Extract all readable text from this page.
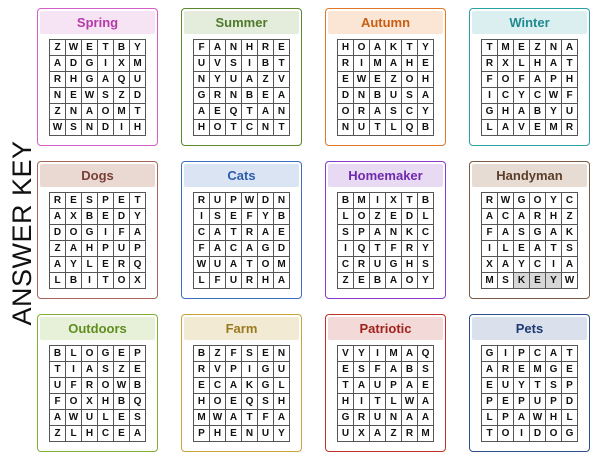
ANSWER KEY
Spring
Z W E T B Y
A D G	I	X M
R H G A Q U
N E W S Z D
Z N A O M T
W S N D	I	H
Summer
F A N H R E
U V S	I	B T
N Y U A Z V
G R N B E A
A E Q T A N
H O T C N T
Autumn
H O A K T Y
R	I	M A H E
E W E Z O H
D N B U S A
O R A S C Y
N U T L Q B
Winter
T M E Z N A
R X L H A T
F O F A P H
I	C Y C W F
G H A B Y U
L A V E M R
Dogs
R E S P E T
A X B E D Y
D O G	I	F A
Z A H P U P
A Y L E R Q
L B	I	T O X
Cats
R U P W D N
I	S E F Y B
C A T R A E
F A C A G D
W U A T O M
L F U R H A
Homemaker
B M	I	X T B
L O Z E D L
S P A N K C
I	Q T F R Y
C R U G H S
Z E B A O Y
Handyman
R W G O Y C
A C A R H Z
F A S G A K
I	L E A T S
X A Y C	I	A
M S K E Y W
Outdoors
B L O G E P
T	I	A S Z E
U F R O W B
F O X H B Q
A W U L E S
Z L H C E A
Farm
B Z F S E N
R V P	I	G U
E C A K G L
H O E Q S H
M W A T F A
P H E N U Y
Patriotic
V Y	I	M A Q
E S F A B S
T A U P A E
H	I	T L W A
G R U N A A
U X A Z R M
Pets
G	I	P C A T
A R E M G E
E U Y T S P
P E P U P D
L P A W H L
T O	I	D O G
